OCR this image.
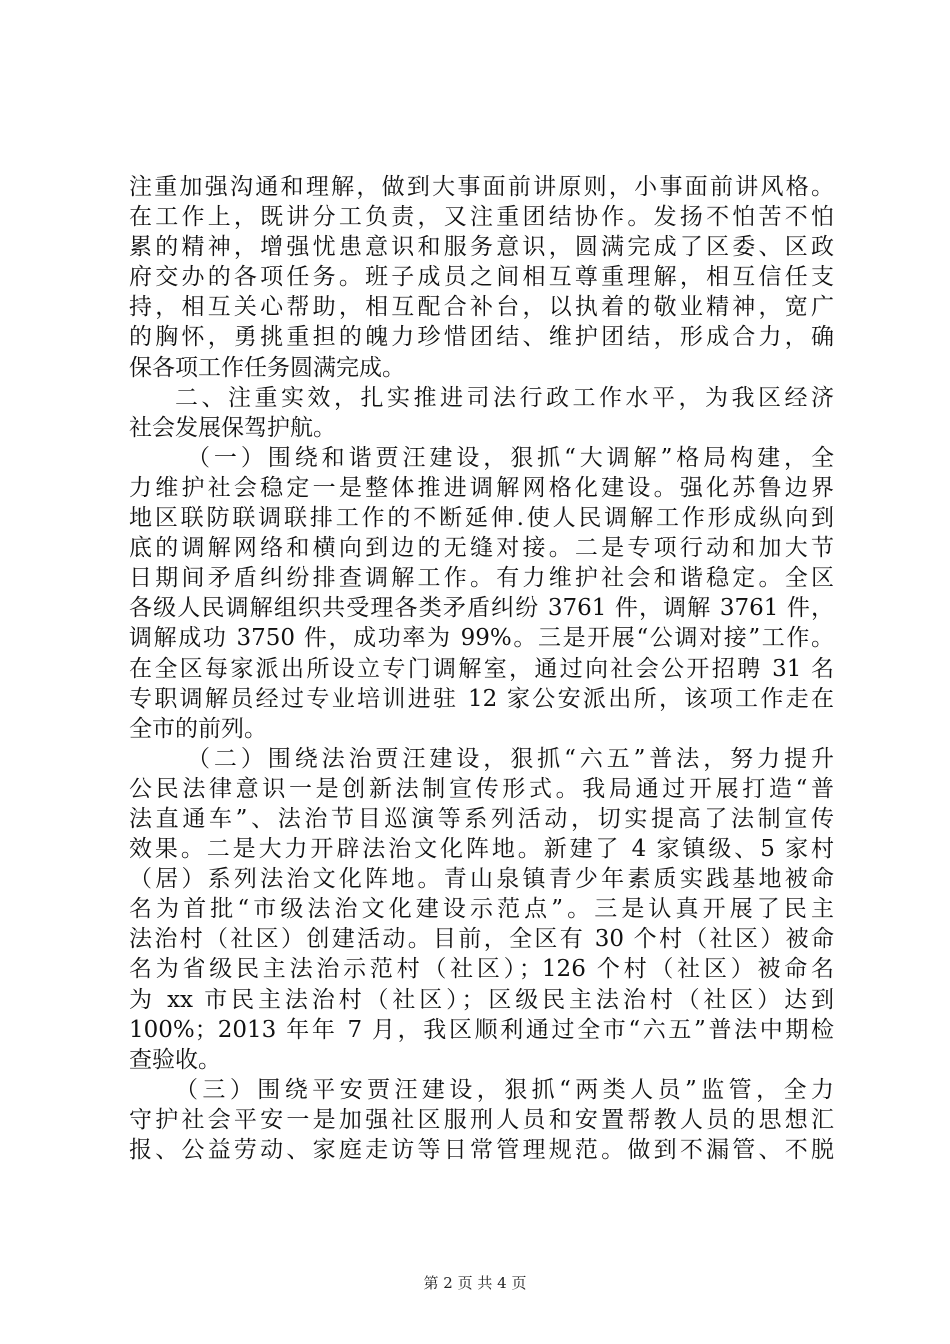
注重加强沟通和理解，做到大事面前讲原则，小事面前讲风格。
在工作上，既讲分工负责，又注重团结协作。发扬不怕苦不怕
累的精神，增强忧患意识和服务意识，圆满完成了区委、区政
府交办的各项任务。班子成员之间相互尊重理解，相互信任支
持，相互关心帮助，相互配合补台，以执着的敬业精神，宽广
的胸怀，勇挑重担的魄力珍惜团结、维护团结，形成合力，确
保各项工作任务圆满完成。
二、注重实效，扎实推进司法行政工作水平，为我区经济
社会发展保驾护航。
（一）围绕和谐贾汪建设，狠抓“大调解”格局构建，全
力维护社会稳定一是整体推进调解网格化建设。强化苏鲁边界
地区联防联调联排工作的不断延伸.使人民调解工作形成纵向到
底的调解网络和横向到边的无缝对接。二是专项行动和加大节
日期间矛盾纠纷排查调解工作。有力维护社会和谐稳定。全区
各级人民调解组织共受理各类矛盾纠纷 3761 件，调解 3761 件，
调解成功 3750 件，成功率为 99%。三是开展“公调对接”工作。
在全区每家派出所设立专门调解室，通过向社会公开招聘 31 名
专职调解员经过专业培训进驻 12 家公安派出所，该项工作走在
全市的前列。
（二）围绕法治贾汪建设，狠抓“六五”普法，努力提升
公民法律意识一是创新法制宣传形式。我局通过开展打造“普
法直通车”、法治节目巡演等系列活动，切实提高了法制宣传
效果。二是大力开辟法治文化阵地。新建了 4 家镇级、5 家村
（居）系列法治文化阵地。青山泉镇青少年素质实践基地被命
名为首批“市级法治文化建设示范点”。三是认真开展了民主
法治村（社区）创建活动。目前，全区有 30 个村（社区）被命
名为省级民主法治示范村（社区）；126 个村（社区）被命名
为 xx 市民主法治村（社区）；区级民主法治村（社区）达到
100%；2013 年年 7 月，我区顺利通过全市“六五”普法中期检
查验收。
（三）围绕平安贾汪建设，狠抓“两类人员”监管，全力
守护社会平安一是加强社区服刑人员和安置帮教人员的思想汇
报、公益劳动、家庭走访等日常管理规范。做到不漏管、不脱
第 2 页 共 4 页
